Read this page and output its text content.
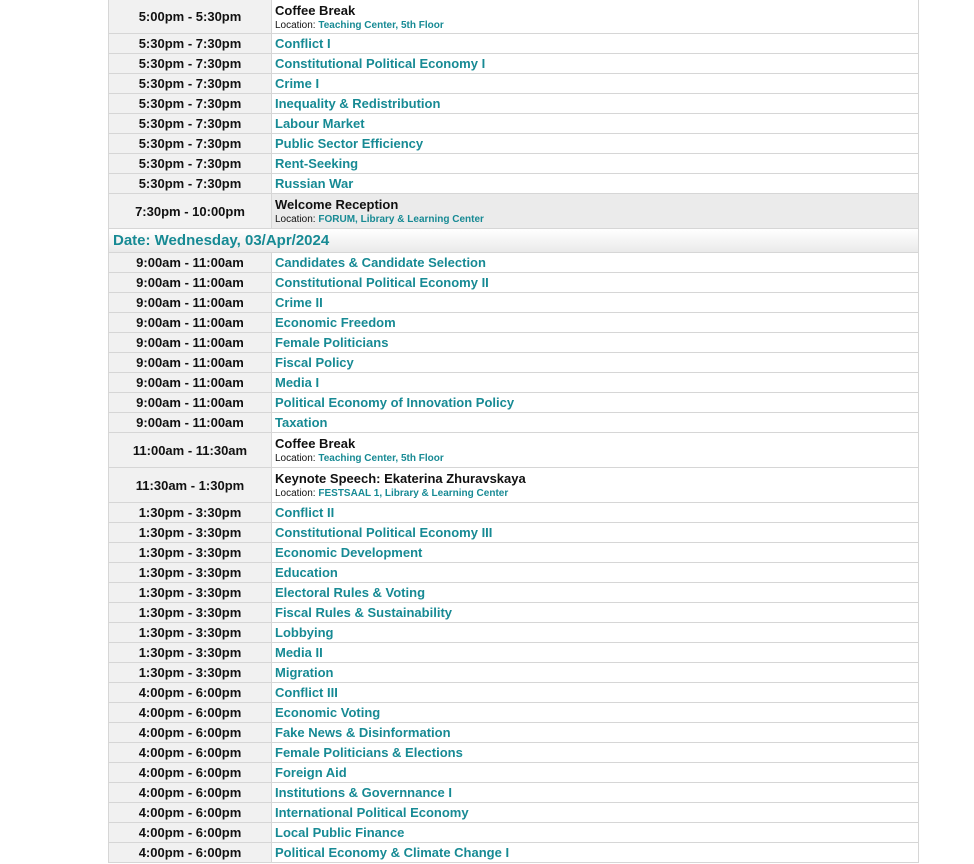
5:00pm - 5:30pm	Coffee Break
Location: Teaching Center, 5th Floor
5:30pm - 7:30pm	Conflict I
5:30pm - 7:30pm	Constitutional Political Economy I
5:30pm - 7:30pm	Crime I
5:30pm - 7:30pm	Inequality & Redistribution
5:30pm - 7:30pm	Labour Market
5:30pm - 7:30pm	Public Sector Efficiency
5:30pm - 7:30pm	Rent-Seeking
5:30pm - 7:30pm	Russian War
7:30pm - 10:00pm	Welcome Reception
Location: FORUM, Library & Learning Center
Date: Wednesday, 03/Apr/2024
9:00am - 11:00am	Candidates & Candidate Selection
9:00am - 11:00am	Constitutional Political Economy II
9:00am - 11:00am	Crime II
9:00am - 11:00am	Economic Freedom
9:00am - 11:00am	Female Politicians
9:00am - 11:00am	Fiscal Policy
9:00am - 11:00am	Media I
9:00am - 11:00am	Political Economy of Innovation Policy
9:00am - 11:00am	Taxation
11:00am - 11:30am	Coffee Break
Location: Teaching Center, 5th Floor
11:30am - 1:30pm	Keynote Speech: Ekaterina Zhuravskaya
Location: FESTSAAL 1, Library & Learning Center
1:30pm - 3:30pm	Conflict II
1:30pm - 3:30pm	Constitutional Political Economy III
1:30pm - 3:30pm	Economic Development
1:30pm - 3:30pm	Education
1:30pm - 3:30pm	Electoral Rules & Voting
1:30pm - 3:30pm	Fiscal Rules & Sustainability
1:30pm - 3:30pm	Lobbying
1:30pm - 3:30pm	Media II
1:30pm - 3:30pm	Migration
4:00pm - 6:00pm	Conflict III
4:00pm - 6:00pm	Economic Voting
4:00pm - 6:00pm	Fake News & Disinformation
4:00pm - 6:00pm	Female Politicians & Elections
4:00pm - 6:00pm	Foreign Aid
4:00pm - 6:00pm	Institutions & Governnance I
4:00pm - 6:00pm	International Political Economy
4:00pm - 6:00pm	Local Public Finance
4:00pm - 6:00pm	Political Economy & Climate Change I
